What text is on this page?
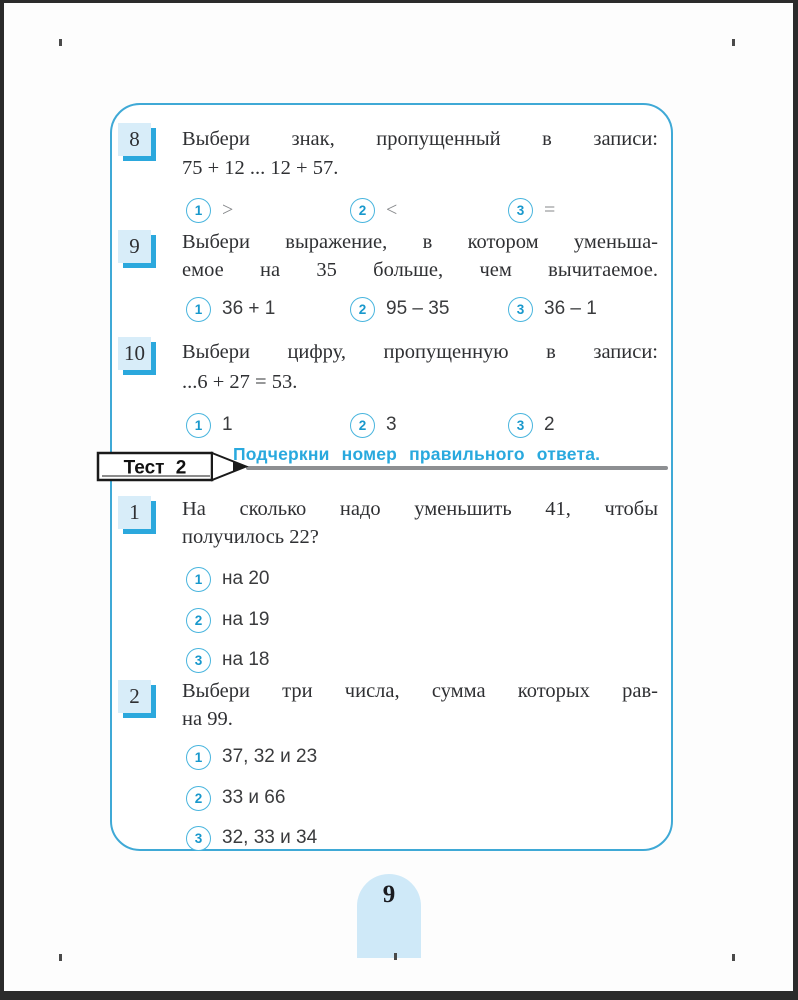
8 Выбери знак, пропущенный в записи:
75 + 12 ... 12 + 57.
1 >	2 <	3 =
9 Выбери выражение, в котором уменьша-
емое на 35 больше, чем вычитаемое.
1 36 + 1	2 95 – 35	3 36 – 1
10 Выбери цифру, пропущенную в записи:
...6 + 27 = 53.
1 1	2 3	3 2
Тест 2
Подчеркни номер правильного ответа.
1 На сколько надо уменьшить 41, чтобы
получилось 22?
1 на 20
2 на 19
3 на 18
2 Выбери три числа, сумма которых рав-
на 99.
1 37, 32 и 23
2 33 и 66
3 32, 33 и 34
9
